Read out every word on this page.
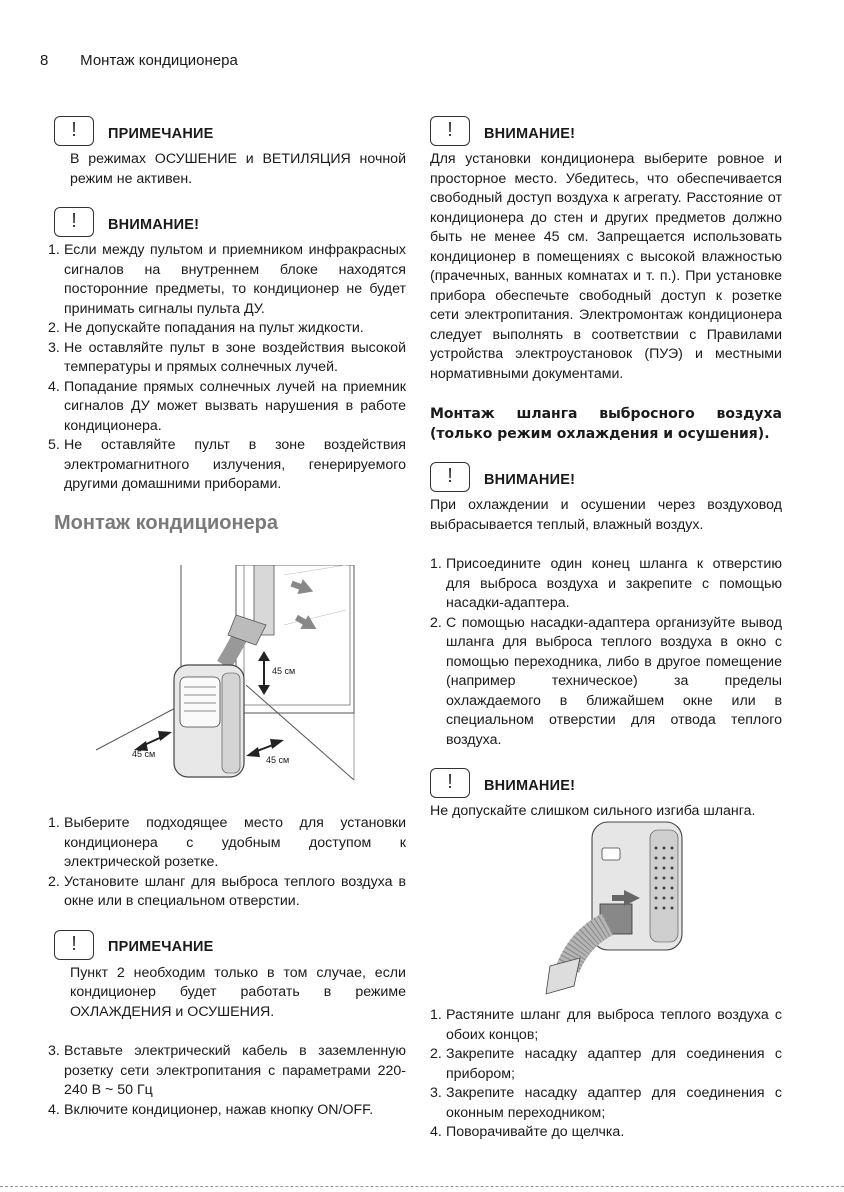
8 Монтаж кондиционера
!	ПРИМЕЧАНИЕ

В режимах ОСУШЕНИЕ и ВЕТИЛЯЦИЯ ночной режим не активен.

!	ВНИМАНИЕ!
1. Если между пультом и приемником инфракрасных сигналов на внутреннем блоке находятся посторонние предметы, то кондиционер не будет принимать сигналы пульта ДУ.
2. Не допускайте попадания на пульт жидкости.
3. Не оставляйте пульт в зоне воздействия высокой температуры и прямых солнечных лучей.
4. Попадание прямых солнечных лучей на приемник сигналов ДУ может вызвать нарушения в работе кондиционера.
5. Не оставляйте пульт в зоне воздействия электромагнитного излучения, генерируемого другими домашними приборами.
Монтаж кондиционера
45 см
45 см
45 см
1. Выберите подходящее место для установки кондиционера с удобным доступом к электрической розетке.
2. Установите шланг для выброса теплого воздуха в окне или в специальном отверстии.
!	ПРИМЕЧАНИЕ

Пункт 2 необходим только в том случае, если кондиционер будет работать в режиме ОХЛАЖДЕНИЯ и ОСУШЕНИЯ.

3. Вставьте электрический кабель в заземленную розетку сети электропитания с параметрами 220-240 В ~ 50 Гц
4. Включите кондиционер, нажав кнопку ON/OFF.
!	ВНИМАНИЕ!

Для установки кондиционера выберите ровное и просторное место. Убедитесь, что обеспечивается свободный доступ воздуха к агрегату. Расстояние от кондиционера до стен и других предметов должно быть не менее 45 см. Запрещается использовать кондиционер в помещениях с высокой влажностью (прачечных, ванных комнатах и т. п.). При установке прибора обеспечьте свободный доступ к розетке сети электропитания. Электромонтаж кондиционера следует выполнять в соответствии с Правилами устройства электроустановок (ПУЭ) и местными нормативными документами.

Монтаж шланга выбросного воздуха (только режим охлаждения и осушения).

!	ВНИМАНИЕ!

При охлаждении и осушении через воздуховод выбрасывается теплый, влажный воздух.

1. Присоедините один конец шланга к отверстию для выброса воздуха и закрепите с помощью насадки-адаптера.
2. С помощью насадки-адаптера организуйте вывод шланга для выброса теплого воздуха в окно с помощью переходника, либо в другое помещение (например техническое) за пределы охлаждаемого в ближайшем окне или в специальном отверстии для отвода теплого воздуха.
!	ВНИМАНИЕ!

Не допускайте слишком сильного изгиба шланга.

1. Растяните шланг для выброса теплого воздуха с обоих концов;
2. Закрепите насадку адаптер для соединения с прибором;
3. Закрепите насадку адаптер для соединения с оконным переходником;
4. Поворачивайте до щелчка.
